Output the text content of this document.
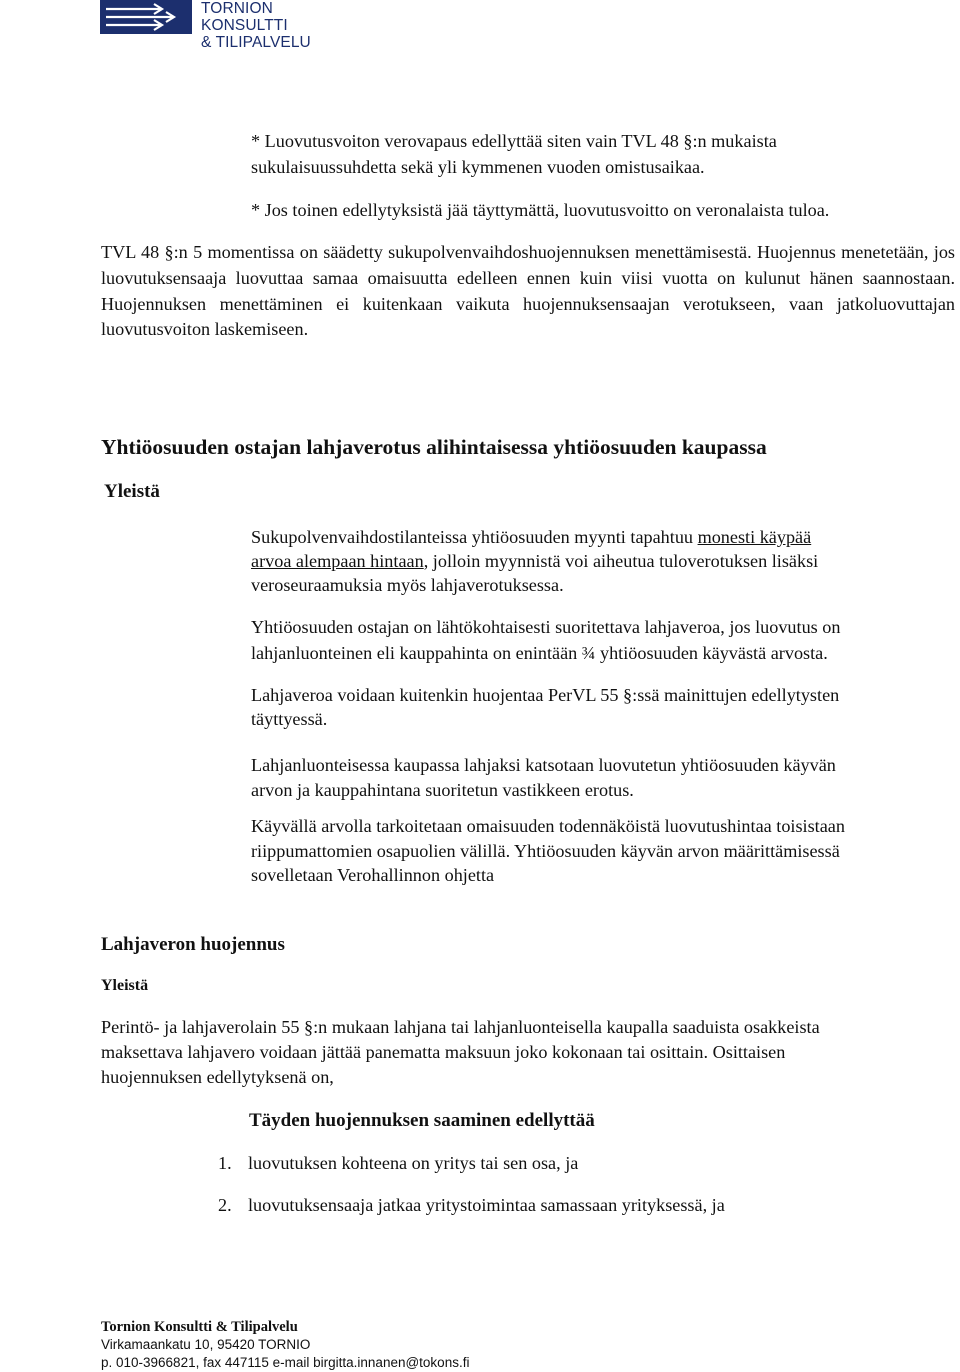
TORNION KONSULTTI
& TILIPALVELU
* Luovutusvoiton verovapaus edellyttää siten vain TVL 48 §:n mukaista
sukulaisuussuhdetta sekä yli kymmenen vuoden omistusaikaa.
* Jos toinen edellytyksistä jää täyttymättä, luovutusvoitto on veronalaista tuloa.
TVL 48 §:n 5 momentissa on säädetty sukupolvenvaihdoshuojennuksen menettämisestä. Huojennus menetetään, jos luovutuksensaaja luovuttaa samaa omaisuutta edelleen ennen kuin viisi vuotta on kulunut hänen saannostaan. Huojennuksen menettäminen ei kuitenkaan vaikuta huojennuksensaajan verotukseen, vaan jatkoluovuttajan luovutusvoiton laskemiseen.
Yhtiöosuuden ostajan lahjaverotus alihintaisessa yhtiöosuuden kaupassa
Yleistä
Sukupolvenvaihdostilanteissa yhtiöosuuden myynti tapahtuu monesti käypää
arvoa alempaan hintaan, jolloin myynnistä voi aiheutua tuloverotuksen lisäksi
veroseuraamuksia myös lahjaverotuksessa.
Yhtiöosuuden ostajan on lähtökohtaisesti suoritettava lahjaveroa, jos luovutus on
lahjanluonteinen eli kauppahinta on enintään ¾ yhtiöosuuden käyvästä arvosta.
Lahjaveroa voidaan kuitenkin huojentaa PerVL 55 §:ssä mainittujen edellytysten
täyttyessä.
Lahjanluonteisessa kaupassa lahjaksi katsotaan luovutetun yhtiöosuuden käyvän
arvon ja kauppahintana suoritetun vastikkeen erotus.
Käyvällä arvolla tarkoitetaan omaisuuden todennäköistä luovutushintaa toisistaan
riippumattomien osapuolien välillä. Yhtiöosuuden käyvän arvon määrittämisessä
sovelletaan Verohallinnon ohjetta
Lahjaveron huojennus
Yleistä
Perintö- ja lahjaverolain 55 §:n mukaan lahjana tai lahjanluonteisella kaupalla saaduista osakkeista
maksettava lahjavero voidaan jättää panematta maksuun joko kokonaan tai osittain. Osittaisen
huojennuksen edellytyksenä on,
Täyden huojennuksen saaminen edellyttää
1. luovutuksen kohteena on yritys tai sen osa, ja
2. luovutuksensaaja jatkaa yritystoimintaa samassaan yrityksessä, ja
Tornion Konsultti & Tilipalvelu
Virkamaankatu 10, 95420 TORNIO
p. 010-3966821, fax 447115 e-mail birgitta.innanen@tokons.fi
